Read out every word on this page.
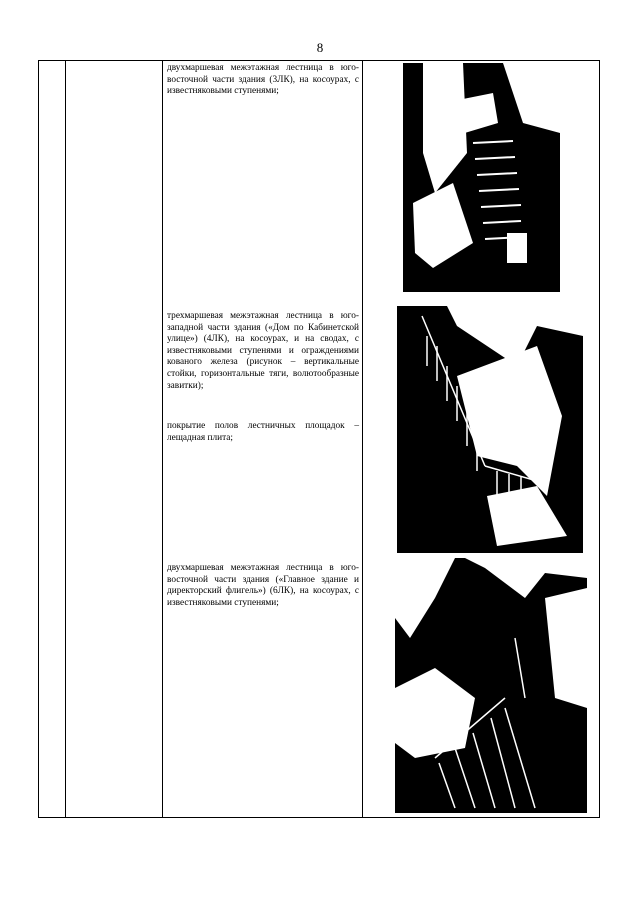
8
двухмаршевая межэтажная лестница в юго-восточной части здания (3ЛК), на косоурах, с известняковыми ступенями;
трехмаршевая межэтажная лестница в юго-западной части здания («Дом по Кабинетской улице») (4ЛК), на косоурах, и на сводах, с известняковыми ступенями и ограждениями кованого железа (рисунок – вертикальные стойки, горизонтальные тяги, волютообразные завитки);
покрытие полов лестничных площадок – лещадная плита;
двухмаршевая межэтажная лестница в юго-восточной части здания («Главное здание и директорский флигель») (6ЛК), на косоурах, с известняковыми ступенями;
